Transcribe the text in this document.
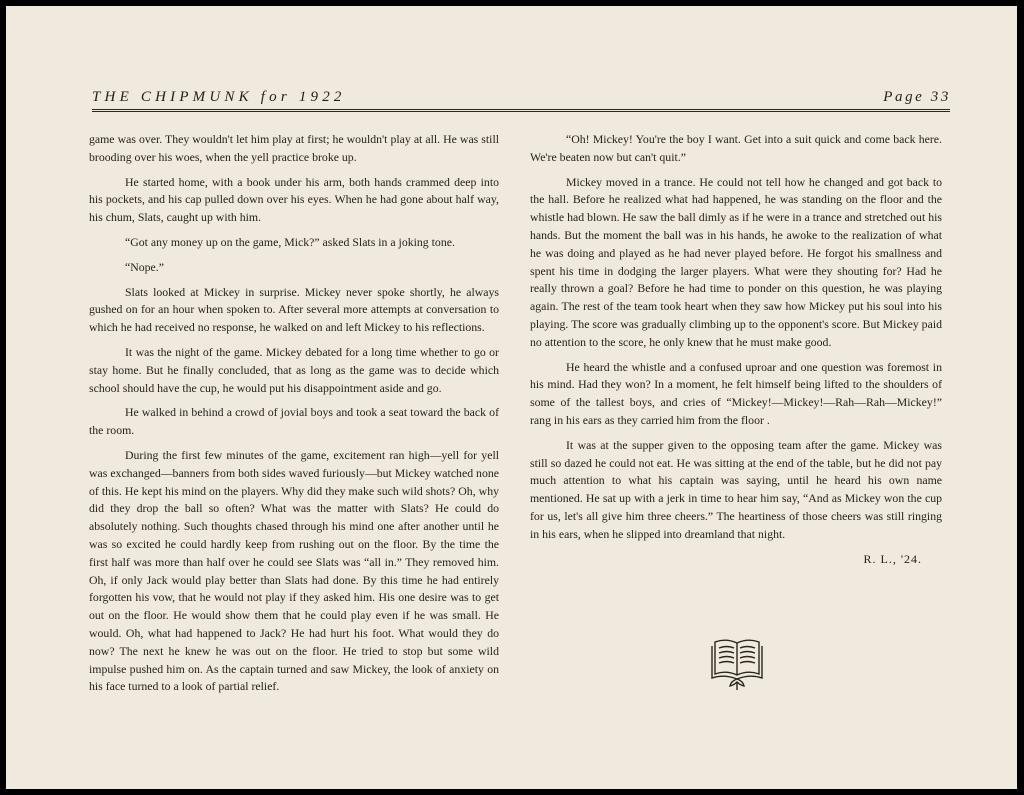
THE CHIPMUNK for 1922	Page 33

game was over. They wouldn't let him play at first; he wouldn't play at all. He was still brooding over his woes, when the yell practice broke up.

He started home, with a book under his arm, both hands crammed deep into his pockets, and his cap pulled down over his eyes. When he had gone about half way, his chum, Slats, caught up with him.

“Got any money up on the game, Mick?” asked Slats in a joking tone.

“Nope.”

Slats looked at Mickey in surprise. Mickey never spoke shortly, he always gushed on for an hour when spoken to. After several more attempts at conversation to which he had received no response, he walked on and left Mickey to his reflections.

It was the night of the game. Mickey debated for a long time whether to go or stay home. But he finally concluded, that as long as the game was to decide which school should have the cup, he would put his disappointment aside and go.

He walked in behind a crowd of jovial boys and took a seat toward the back of the room.

During the first few minutes of the game, excitement ran high—yell for yell was exchanged—banners from both sides waved furiously—but Mickey watched none of this. He kept his mind on the players. Why did they make such wild shots? Oh, why did they drop the ball so often? What was the matter with Slats? He could do absolutely nothing. Such thoughts chased through his mind one after another until he was so excited he could hardly keep from rushing out on the floor. By the time the first half was more than half over he could see Slats was “all in.” They removed him. Oh, if only Jack would play better than Slats had done. By this time he had entirely forgotten his vow, that he would not play if they asked him. His one desire was to get out on the floor. He would show them that he could play even if he was small. He would. Oh, what had happened to Jack? He had hurt his foot. What would they do now? The next he knew he was out on the floor. He tried to stop but some wild impulse pushed him on. As the captain turned and saw Mickey, the look of anxiety on his face turned to a look of partial relief.

“Oh! Mickey! You're the boy I want. Get into a suit quick and come back here. We're beaten now but can't quit.”

Mickey moved in a trance. He could not tell how he changed and got back to the hall. Before he realized what had happened, he was standing on the floor and the whistle had blown. He saw the ball dimly as if he were in a trance and stretched out his hands. But the moment the ball was in his hands, he awoke to the realization of what he was doing and played as he had never played before. He forgot his smallness and spent his time in dodging the larger players. What were they shouting for? Had he really thrown a goal? Before he had time to ponder on this question, he was playing again. The rest of the team took heart when they saw how Mickey put his soul into his playing. The score was gradually climbing up to the opponent's score. But Mickey paid no attention to the score, he only knew that he must make good.

He heard the whistle and a confused uproar and one question was foremost in his mind. Had they won? In a moment, he felt himself being lifted to the shoulders of some of the tallest boys, and cries of “Mickey!—Mickey!—Rah—Rah—Mickey!” rang in his ears as they carried him from the floor .

It was at the supper given to the opposing team after the game. Mickey was still so dazed he could not eat. He was sitting at the end of the table, but he did not pay much attention to what his captain was saying, until he heard his own name mentioned. He sat up with a jerk in time to hear him say, “And as Mickey won the cup for us, let's all give him three cheers.” The heartiness of those cheers was still ringing in his ears, when he slipped into dreamland that night.

R. L., '24.
